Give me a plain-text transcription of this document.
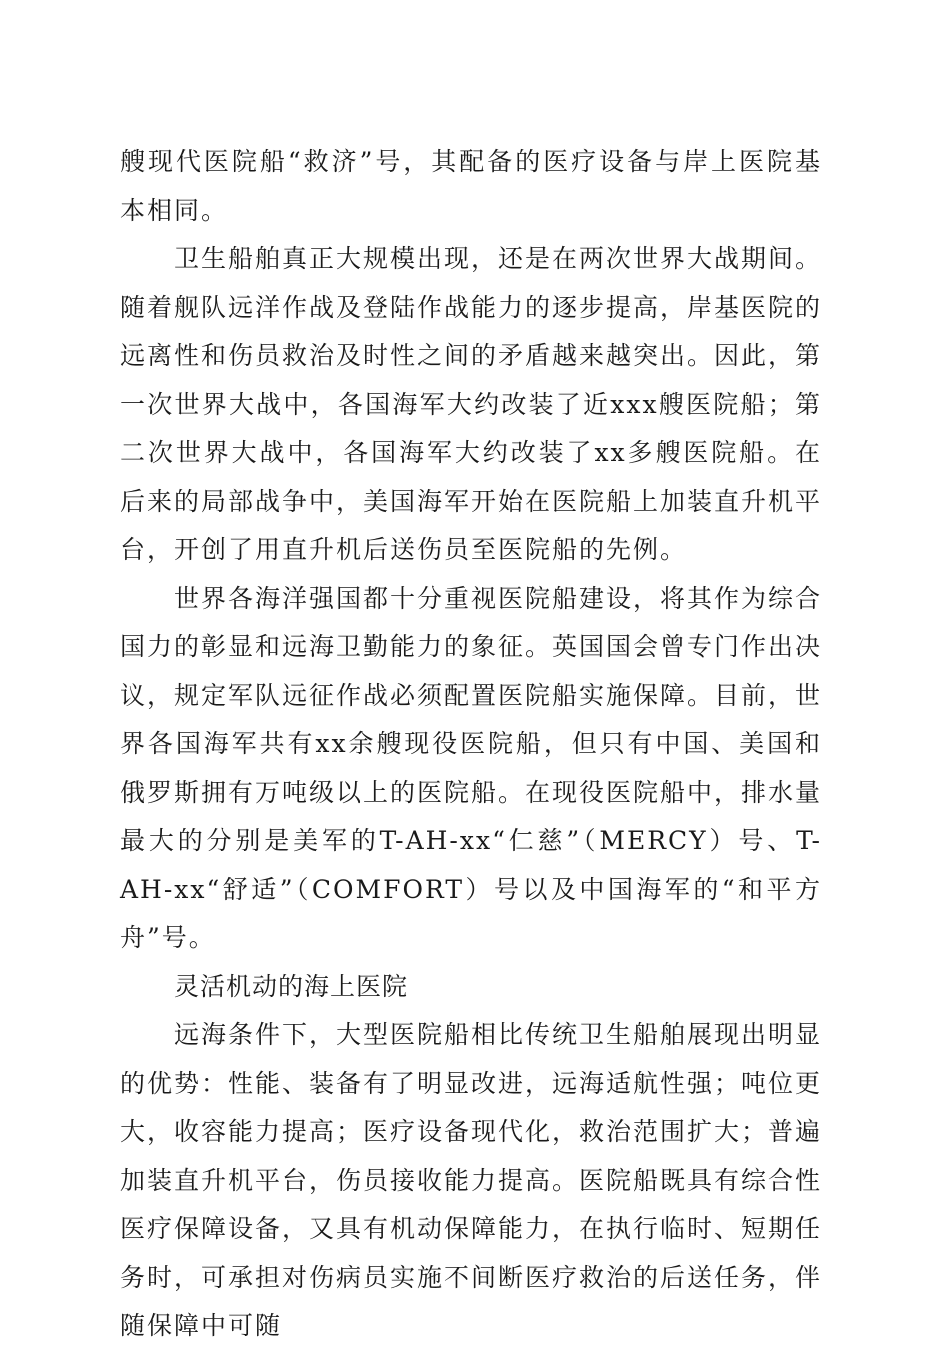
艘现代医院船“救济”号，其配备的医疗设备与岸上医院基本相同。

卫生船舶真正大规模出现，还是在两次世界大战期间。随着舰队远洋作战及登陆作战能力的逐步提高，岸基医院的远离性和伤员救治及时性之间的矛盾越来越突出。因此，第一次世界大战中，各国海军大约改装了近xxx艘医院船；第二次世界大战中，各国海军大约改装了xx多艘医院船。在后来的局部战争中，美国海军开始在医院船上加装直升机平台，开创了用直升机后送伤员至医院船的先例。

世界各海洋强国都十分重视医院船建设，将其作为综合国力的彰显和远海卫勤能力的象征。英国国会曾专门作出决议，规定军队远征作战必须配置医院船实施保障。目前，世界各国海军共有xx余艘现役医院船，但只有中国、美国和俄罗斯拥有万吨级以上的医院船。在现役医院船中，排水量最大的分别是美军的T-AH-xx“仁慈”（MERCY）号、T-AH-xx“舒适”（COMFORT）号以及中国海军的“和平方舟”号。

灵活机动的海上医院

远海条件下，大型医院船相比传统卫生船舶展现出明显的优势：性能、装备有了明显改进，远海适航性强；吨位更大，收容能力提高；医疗设备现代化，救治范围扩大；普遍加装直升机平台，伤员接收能力提高。医院船既具有综合性医疗保障设备，又具有机动保障能力，在执行临时、短期任务时，可承担对伤病员实施不间断医疗救治的后送任务，伴随保障中可随
